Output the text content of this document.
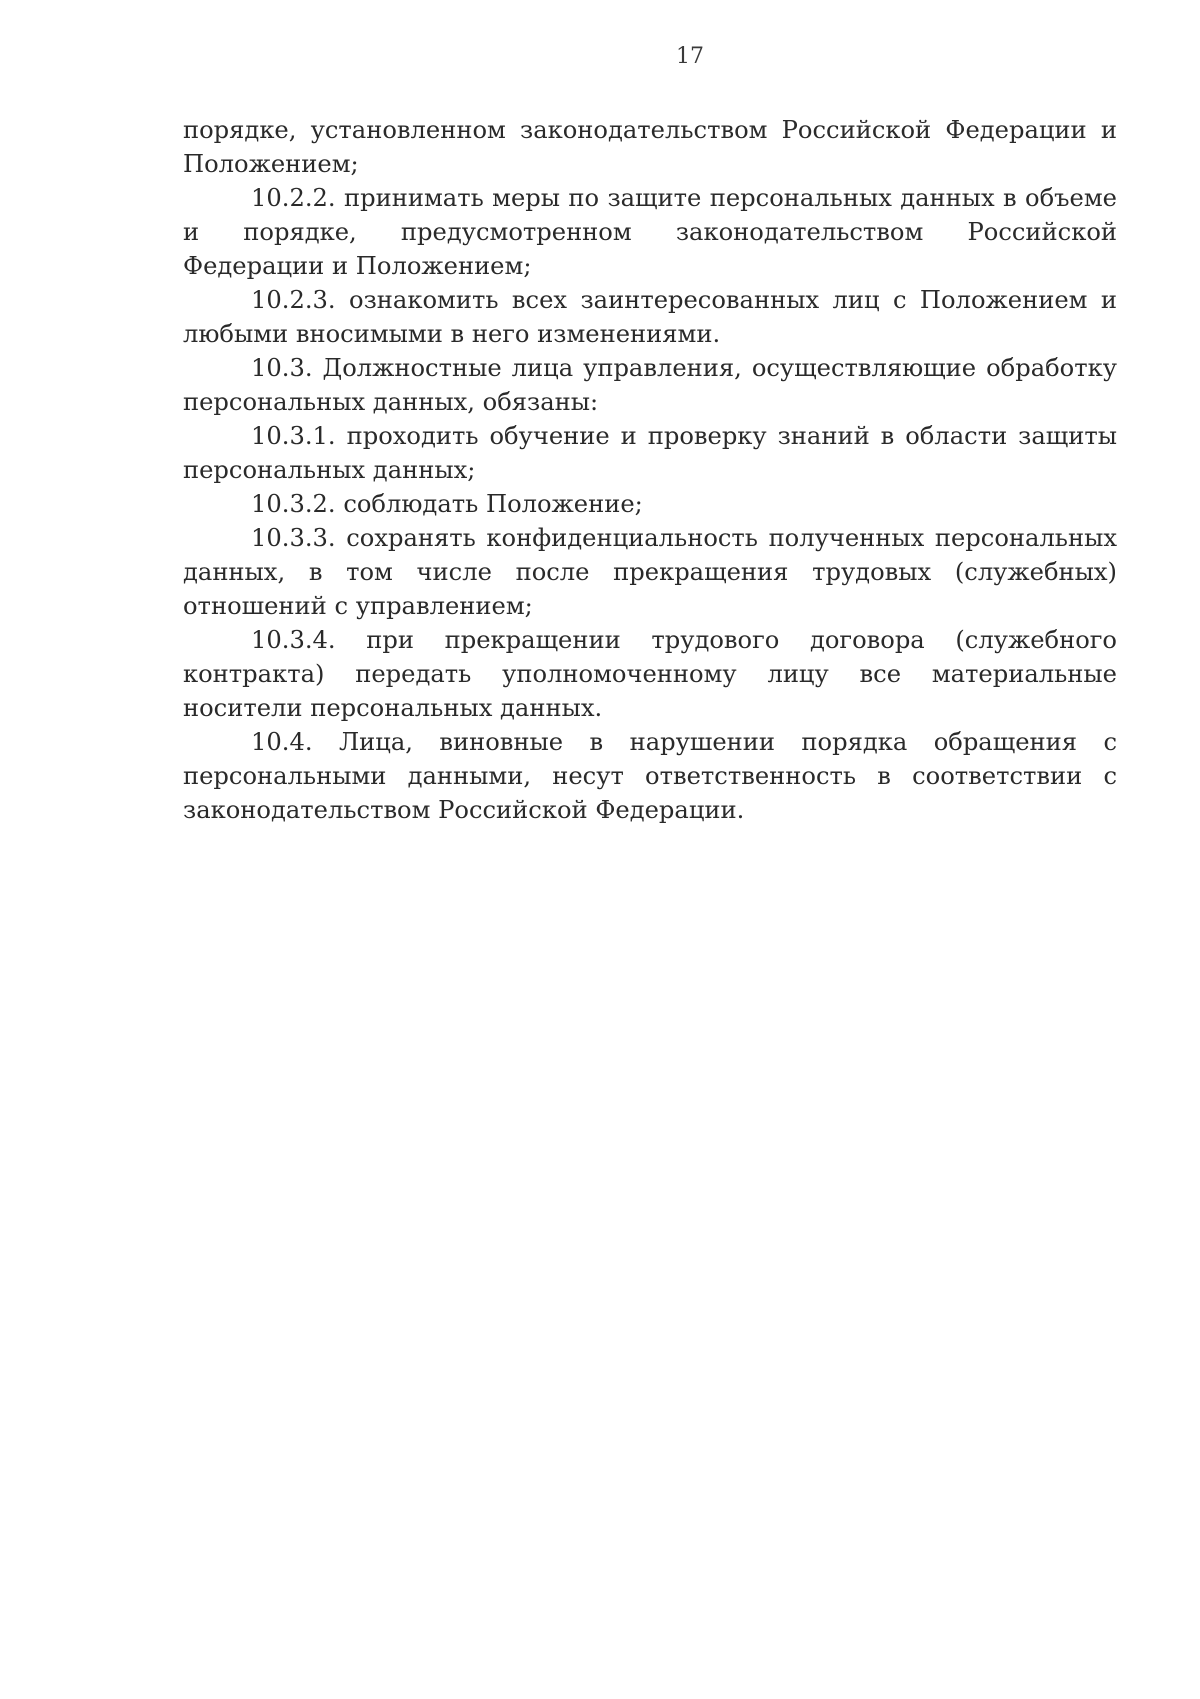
17

порядке, установленном законодательством Российской Федерации и Положением;

10.2.2. принимать меры по защите персональных данных в объеме и порядке, предусмотренном законодательством Российской Федерации и Положением;

10.2.3. ознакомить всех заинтересованных лиц с Положением и любыми вносимыми в него изменениями.

10.3. Должностные лица управления, осуществляющие обработку персональных данных, обязаны:

10.3.1. проходить обучение и проверку знаний в области защиты персональных данных;

10.3.2. соблюдать Положение;

10.3.3. сохранять конфиденциальность полученных персональных данных, в том числе после прекращения трудовых (служебных) отношений с управлением;

10.3.4. при прекращении трудового договора (служебного контракта) передать уполномоченному лицу все материальные носители персональных данных.

10.4. Лица, виновные в нарушении порядка обращения с персональными данными, несут ответственность в соответствии с законодательством Российской Федерации.
